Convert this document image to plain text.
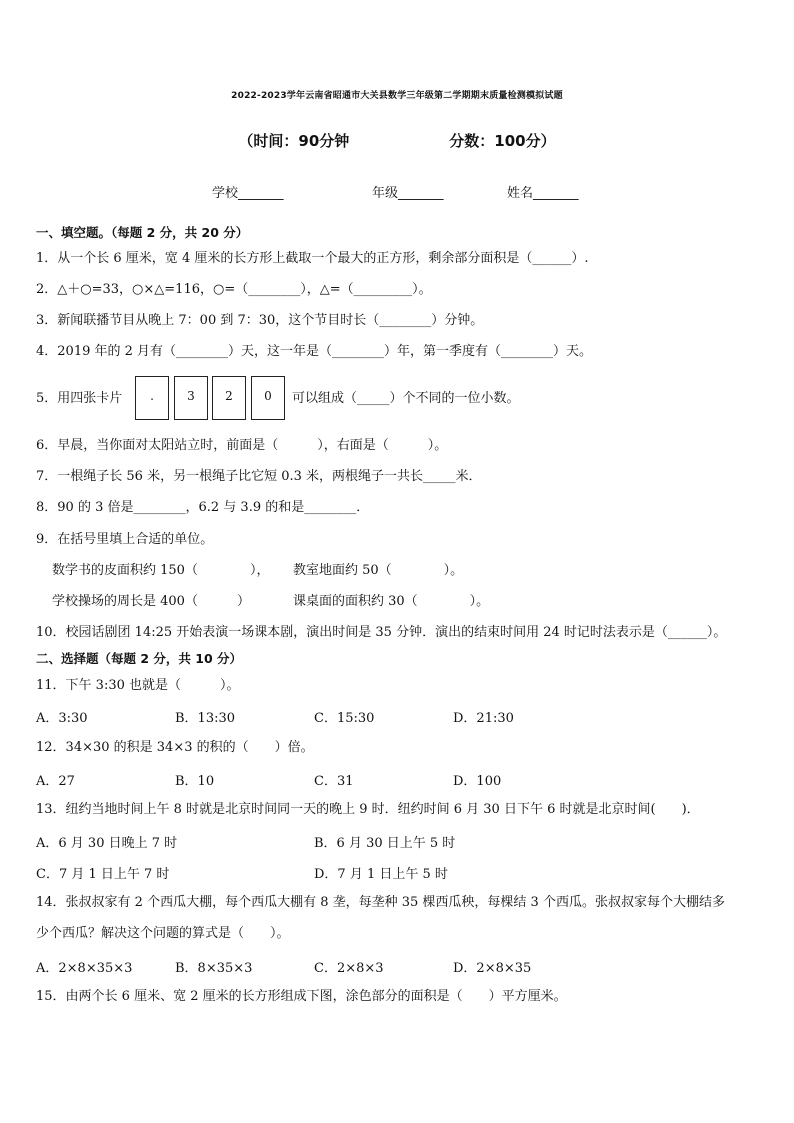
2022-2023学年云南省昭通市大关县数学三年级第二学期期末质量检测模拟试题
（时间：90分钟	分数：100分）
学校_______	年级_______	姓名_______
一、填空题。（每题 2 分，共 20 分）
1．从一个长 6 厘米，宽 4 厘米的长方形上截取一个最大的正方形，剩余部分面积是（______）.
2．△＋○=33，○×△=116，○=（________），△=（_________）。
3．新闻联播节目从晚上 7：00 到 7：30，这个节目时长（________）分钟。
4．2019 年的 2 月有（________）天，这一年是（________）年，第一季度有（________）天。
5．用四张卡片	.	3	2	0	可以组成（_____）个不同的一位小数。
6．早晨，当你面对太阳站立时，前面是（　　　），右面是（　　　）。
7．一根绳子长 56 米，另一根绳子比它短 0.3 米，两根绳子一共长_____米．
8．90 的 3 倍是________，6.2 与 3.9 的和是________．
9．在括号里填上合适的单位。
数学书的皮面积约 150（　　　　）， 教室地面约 50（　　　　）。
学校操场的周长是 400（　　　）	课桌面的面积约 30（　　　　）。
10．校园话剧团 14:25 开始表演一场课本剧，演出时间是 35 分钟．演出的结束时间用 24 时记时法表示是（______）。
二、选择题（每题 2 分，共 10 分）
11．下午 3:30 也就是（　　　）。
A．3:30	B．13:30	C．15:30	D．21:30
12．34×30 的积是 34×3 的积的（　　）倍。
A．27	B．10	C．31	D．100
13．纽约当地时间上午 8 时就是北京时间同一天的晚上 9 时．纽约时间 6 月 30 日下午 6 时就是北京时间(　　)．
A．6 月 30 日晚上 7 时	B．6 月 30 日上午 5 时
C．7 月 1 日上午 7 时	D．7 月 1 日上午 5 时
14．张叔叔家有 2 个西瓜大棚，每个西瓜大棚有 8 垄，每垄种 35 棵西瓜秧，每棵结 3 个西瓜。张叔叔家每个大棚结多
少个西瓜？解决这个问题的算式是（　　）。
A．2×8×35×3	B．8×35×3	C．2×8×3	D．2×8×35
15．由两个长 6 厘米、宽 2 厘米的长方形组成下图，涂色部分的面积是（　　）平方厘米。
